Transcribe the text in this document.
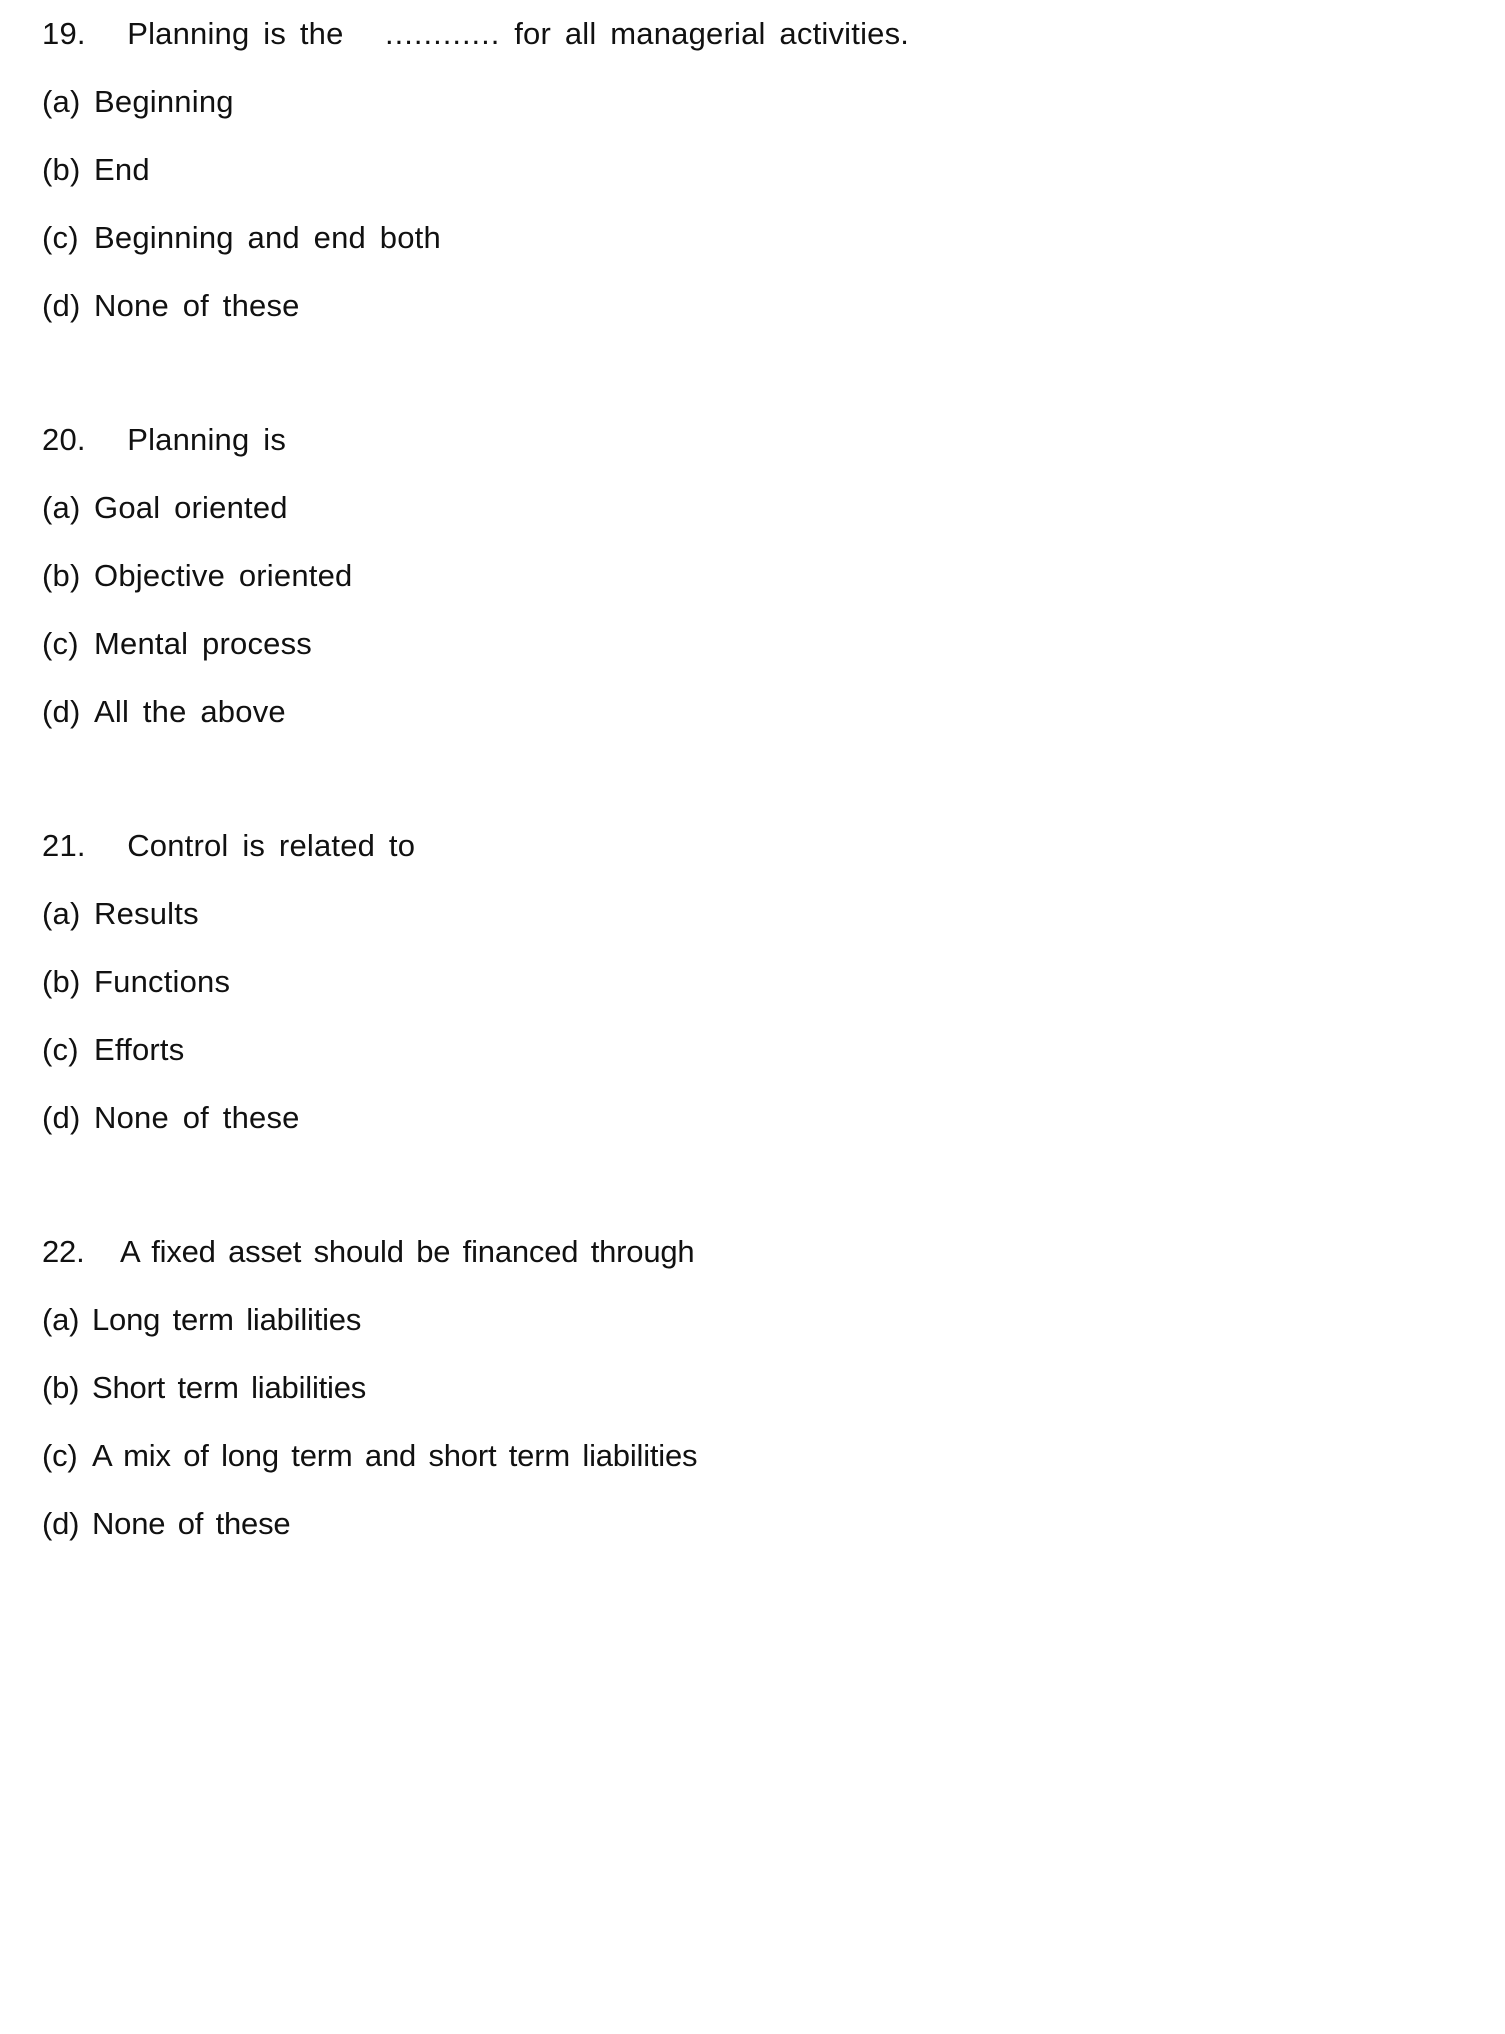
19. Planning is the ............ for all managerial activities.
(a) Beginning
(b) End
(c) Beginning and end both
(d) None of these
20. Planning is
(a) Goal oriented
(b) Objective oriented
(c) Mental process
(d) All the above
21. Control is related to
(a) Results
(b) Functions
(c) Efforts
(d) None of these
22. A fixed asset should be financed through
(a) Long term liabilities
(b) Short term liabilities
(c) A mix of long term and short term liabilities
(d) None of these
